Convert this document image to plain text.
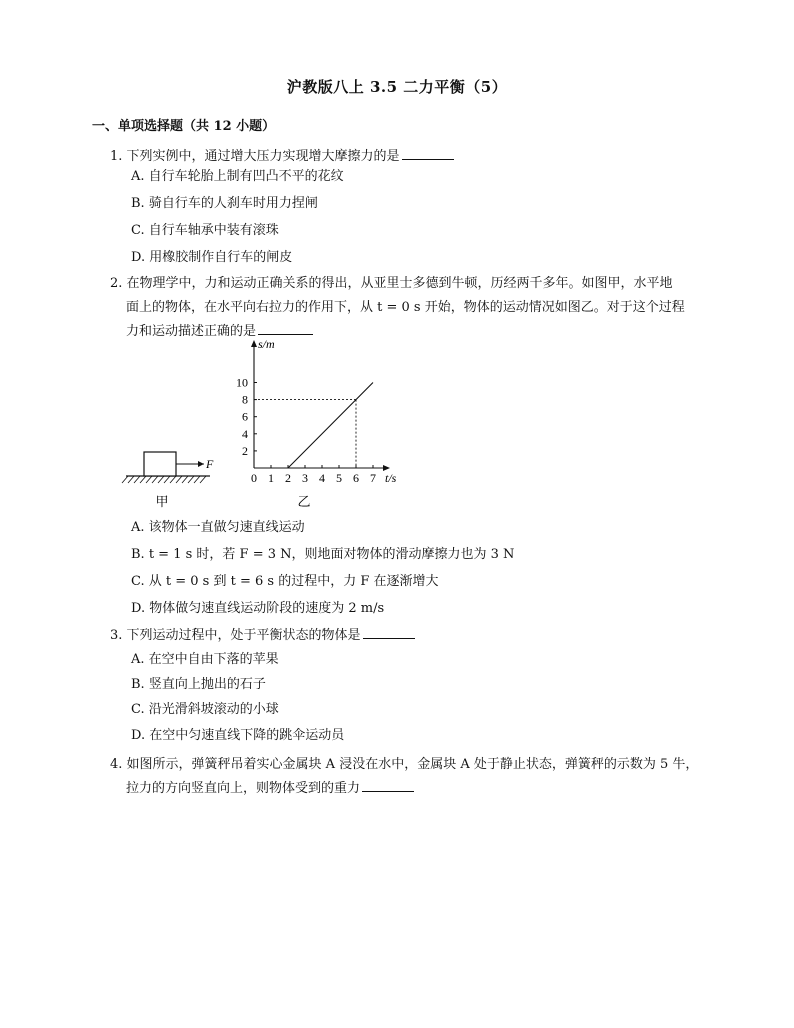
沪教版八上 3.5 二力平衡（5）
一、单项选择题（共 12 小题）
1. 下列实例中，通过增大压力实现增大摩擦力的是
A. 自行车轮胎上制有凹凸不平的花纹
B. 骑自行车的人刹车时用力捏闸
C. 自行车轴承中装有滚珠
D. 用橡胶制作自行车的闸皮
2. 在物理学中，力和运动正确关系的得出，从亚里士多德到牛顿，历经两千多年。如图甲，水平地
面上的物体，在水平向右拉力的作用下，从 t = 0 s 开始，物体的运动情况如图乙。对于这个过程
力和运动描述正确的是
F
甲
s/m
t/s
0 1 2 3 4 5 6 7
2
4
6
8
10
乙
A. 该物体一直做匀速直线运动
B. t = 1 s 时，若 F = 3 N，则地面对物体的滑动摩擦力也为 3 N
C. 从 t = 0 s 到 t = 6 s 的过程中，力 F 在逐渐增大
D. 物体做匀速直线运动阶段的速度为 2 m/s
3. 下列运动过程中，处于平衡状态的物体是
A. 在空中自由下落的苹果
B. 竖直向上抛出的石子
C. 沿光滑斜坡滚动的小球
D. 在空中匀速直线下降的跳伞运动员
4. 如图所示，弹簧秤吊着实心金属块 A 浸没在水中，金属块 A 处于静止状态，弹簧秤的示数为 5 牛，
拉力的方向竖直向上，则物体受到的重力
